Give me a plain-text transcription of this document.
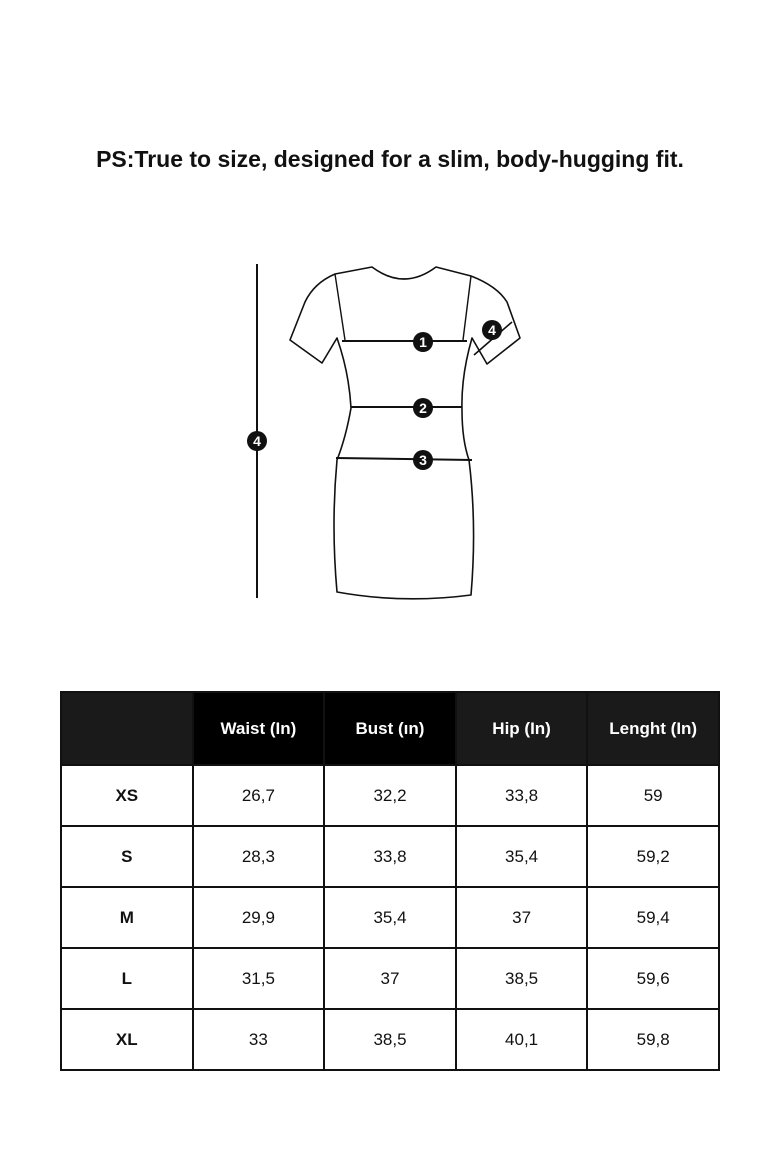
PS:True to size, designed for a slim, body-hugging fit.
1
2
3
4
4
	Waist (In)	Bust (ın)	Hip (In)	Lenght (In)
XS	26,7	32,2	33,8	59
S	28,3	33,8	35,4	59,2
M	29,9	35,4	37	59,4
L	31,5	37	38,5	59,6
XL	33	38,5	40,1	59,8
